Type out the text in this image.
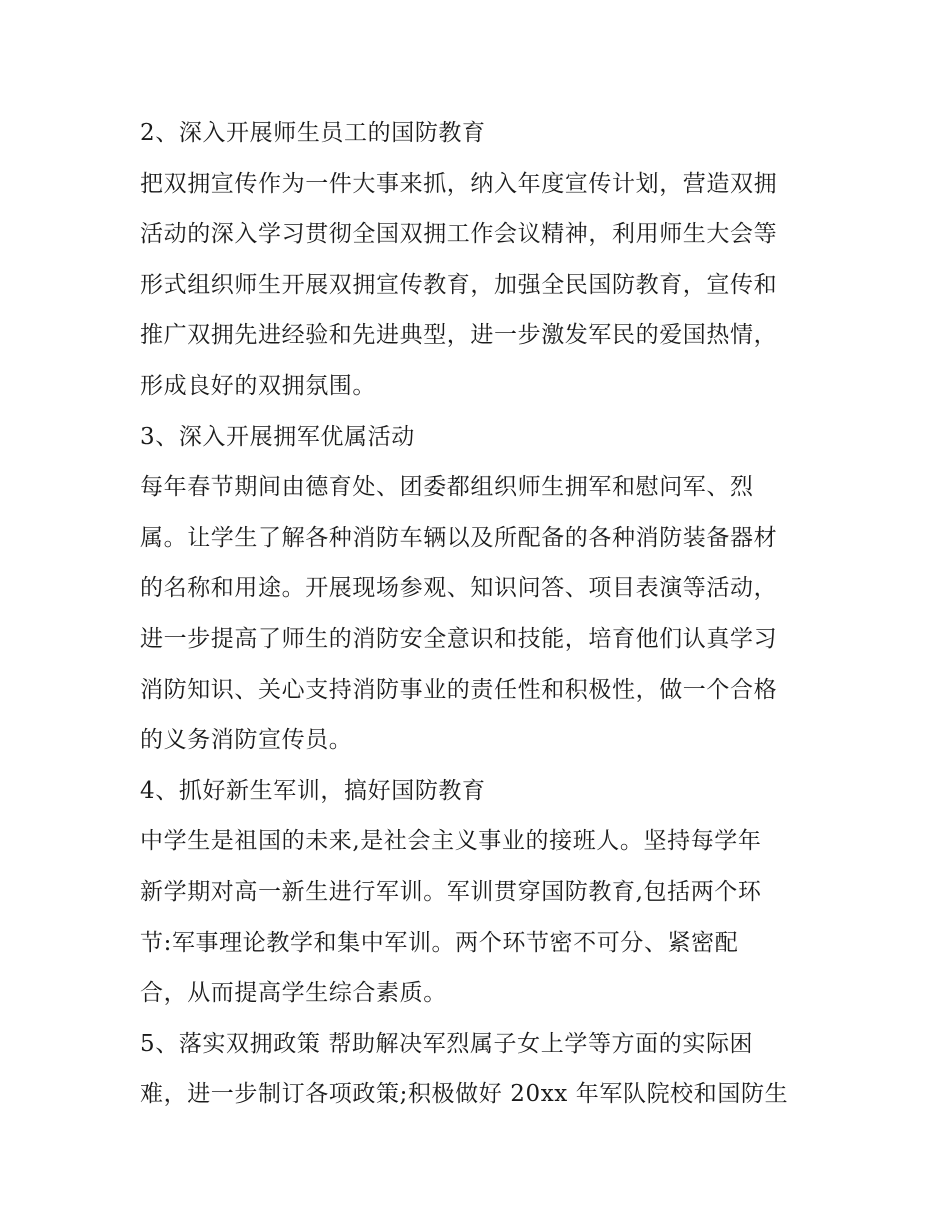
2、深入开展师生员工的国防教育
把双拥宣传作为一件大事来抓，纳入年度宣传计划，营造双拥
活动的深入学习贯彻全国双拥工作会议精神，利用师生大会等
形式组织师生开展双拥宣传教育，加强全民国防教育，宣传和
推广双拥先进经验和先进典型，进一步激发军民的爱国热情，
形成良好的双拥氛围。
3、深入开展拥军优属活动
每年春节期间由德育处、团委都组织师生拥军和慰问军、烈
属。让学生了解各种消防车辆以及所配备的各种消防装备器材
的名称和用途。开展现场参观、知识问答、项目表演等活动，
进一步提高了师生的消防安全意识和技能，培育他们认真学习
消防知识、关心支持消防事业的责任性和积极性，做一个合格
的义务消防宣传员。
4、抓好新生军训，搞好国防教育
中学生是祖国的未来,是社会主义事业的接班人。坚持每学年
新学期对高一新生进行军训。军训贯穿国防教育,包括两个环
节:军事理论教学和集中军训。两个环节密不可分、紧密配
合，从而提高学生综合素质。
5、落实双拥政策 帮助解决军烈属子女上学等方面的实际困
难，进一步制订各项政策;积极做好 20xx 年军队院校和国防生
